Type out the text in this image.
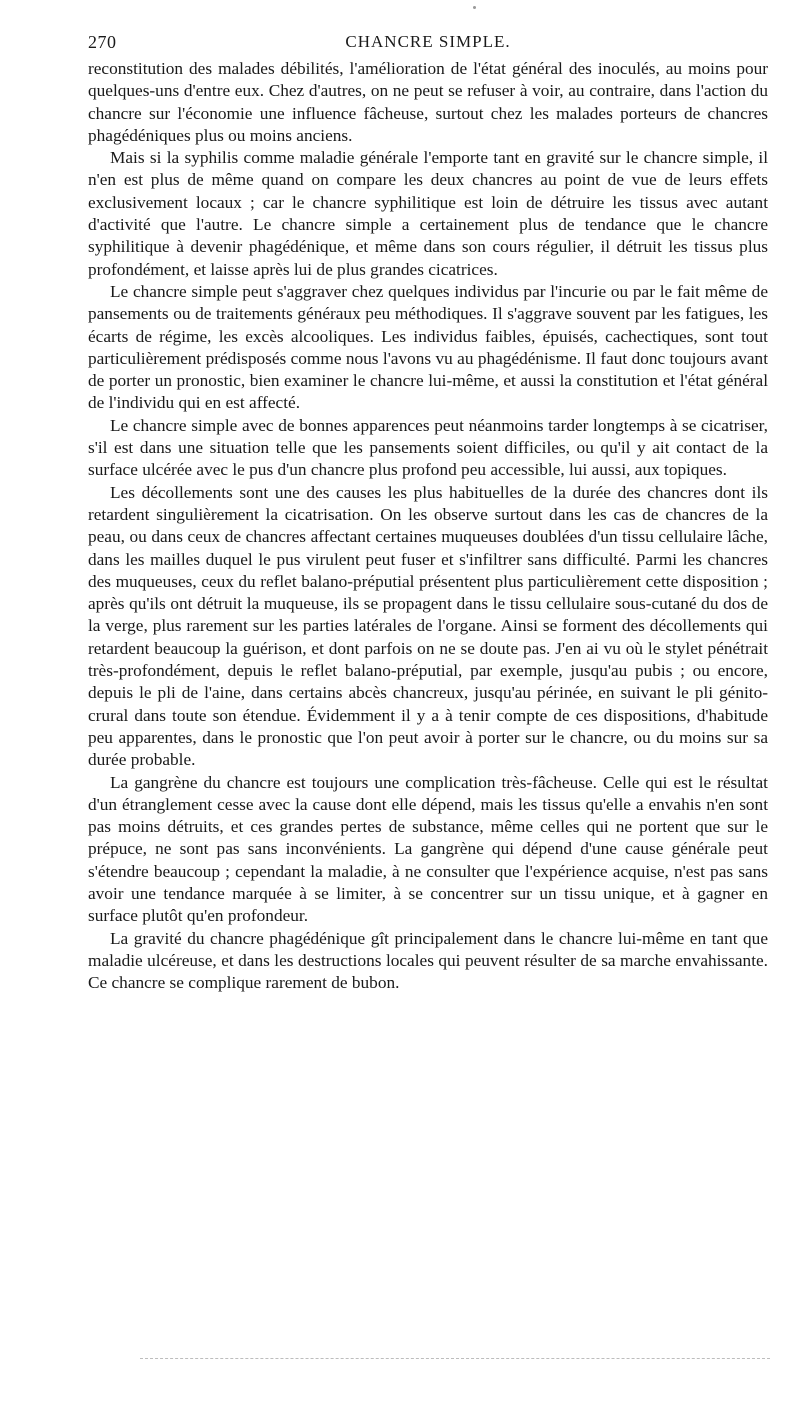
270	CHANCRE SIMPLE.

reconstitution des malades débilités, l'amélioration de l'état général des inoculés, au moins pour quelques-uns d'entre eux. Chez d'autres, on ne peut se refuser à voir, au contraire, dans l'action du chancre sur l'économie une influence fâcheuse, surtout chez les malades porteurs de chancres phagédéniques plus ou moins anciens.

Mais si la syphilis comme maladie générale l'emporte tant en gravité sur le chancre simple, il n'en est plus de même quand on compare les deux chancres au point de vue de leurs effets exclusivement locaux ; car le chancre syphilitique est loin de détruire les tissus avec autant d'activité que l'autre. Le chancre simple a certainement plus de tendance que le chancre syphilitique à devenir phagédénique, et même dans son cours régulier, il détruit les tissus plus profondément, et laisse après lui de plus grandes cicatrices.

Le chancre simple peut s'aggraver chez quelques individus par l'incurie ou par le fait même de pansements ou de traitements généraux peu méthodiques. Il s'aggrave souvent par les fatigues, les écarts de régime, les excès alcooliques. Les individus faibles, épuisés, cachectiques, sont tout particulièrement prédisposés comme nous l'avons vu au phagédénisme. Il faut donc toujours avant de porter un pronostic, bien examiner le chancre lui-même, et aussi la constitution et l'état général de l'individu qui en est affecté.

Le chancre simple avec de bonnes apparences peut néanmoins tarder longtemps à se cicatriser, s'il est dans une situation telle que les pansements soient difficiles, ou qu'il y ait contact de la surface ulcérée avec le pus d'un chancre plus profond peu accessible, lui aussi, aux topiques.

Les décollements sont une des causes les plus habituelles de la durée des chancres dont ils retardent singulièrement la cicatrisation. On les observe surtout dans les cas de chancres de la peau, ou dans ceux de chancres affectant certaines muqueuses doublées d'un tissu cellulaire lâche, dans les mailles duquel le pus virulent peut fuser et s'infiltrer sans difficulté. Parmi les chancres des muqueuses, ceux du reflet balano-préputial présentent plus particulièrement cette disposition ; après qu'ils ont détruit la muqueuse, ils se propagent dans le tissu cellulaire sous-cutané du dos de la verge, plus rarement sur les parties latérales de l'organe. Ainsi se forment des décollements qui retardent beaucoup la guérison, et dont parfois on ne se doute pas. J'en ai vu où le stylet pénétrait très-profondément, depuis le reflet balano-préputial, par exemple, jusqu'au pubis ; ou encore, depuis le pli de l'aine, dans certains abcès chancreux, jusqu'au périnée, en suivant le pli génito-crural dans toute son étendue. Évidemment il y a à tenir compte de ces dispositions, d'habitude peu apparentes, dans le pronostic que l'on peut avoir à porter sur le chancre, ou du moins sur sa durée probable.

La gangrène du chancre est toujours une complication très-fâcheuse. Celle qui est le résultat d'un étranglement cesse avec la cause dont elle dépend, mais les tissus qu'elle a envahis n'en sont pas moins détruits, et ces grandes pertes de substance, même celles qui ne portent que sur le prépuce, ne sont pas sans inconvénients. La gangrène qui dépend d'une cause générale peut s'étendre beaucoup ; cependant la maladie, à ne consulter que l'expérience acquise, n'est pas sans avoir une tendance marquée à se limiter, à se concentrer sur un tissu unique, et à gagner en surface plutôt qu'en profondeur.

La gravité du chancre phagédénique gît principalement dans le chancre lui-même en tant que maladie ulcéreuse, et dans les destructions locales qui peuvent résulter de sa marche envahissante. Ce chancre se complique rarement de bubon.
